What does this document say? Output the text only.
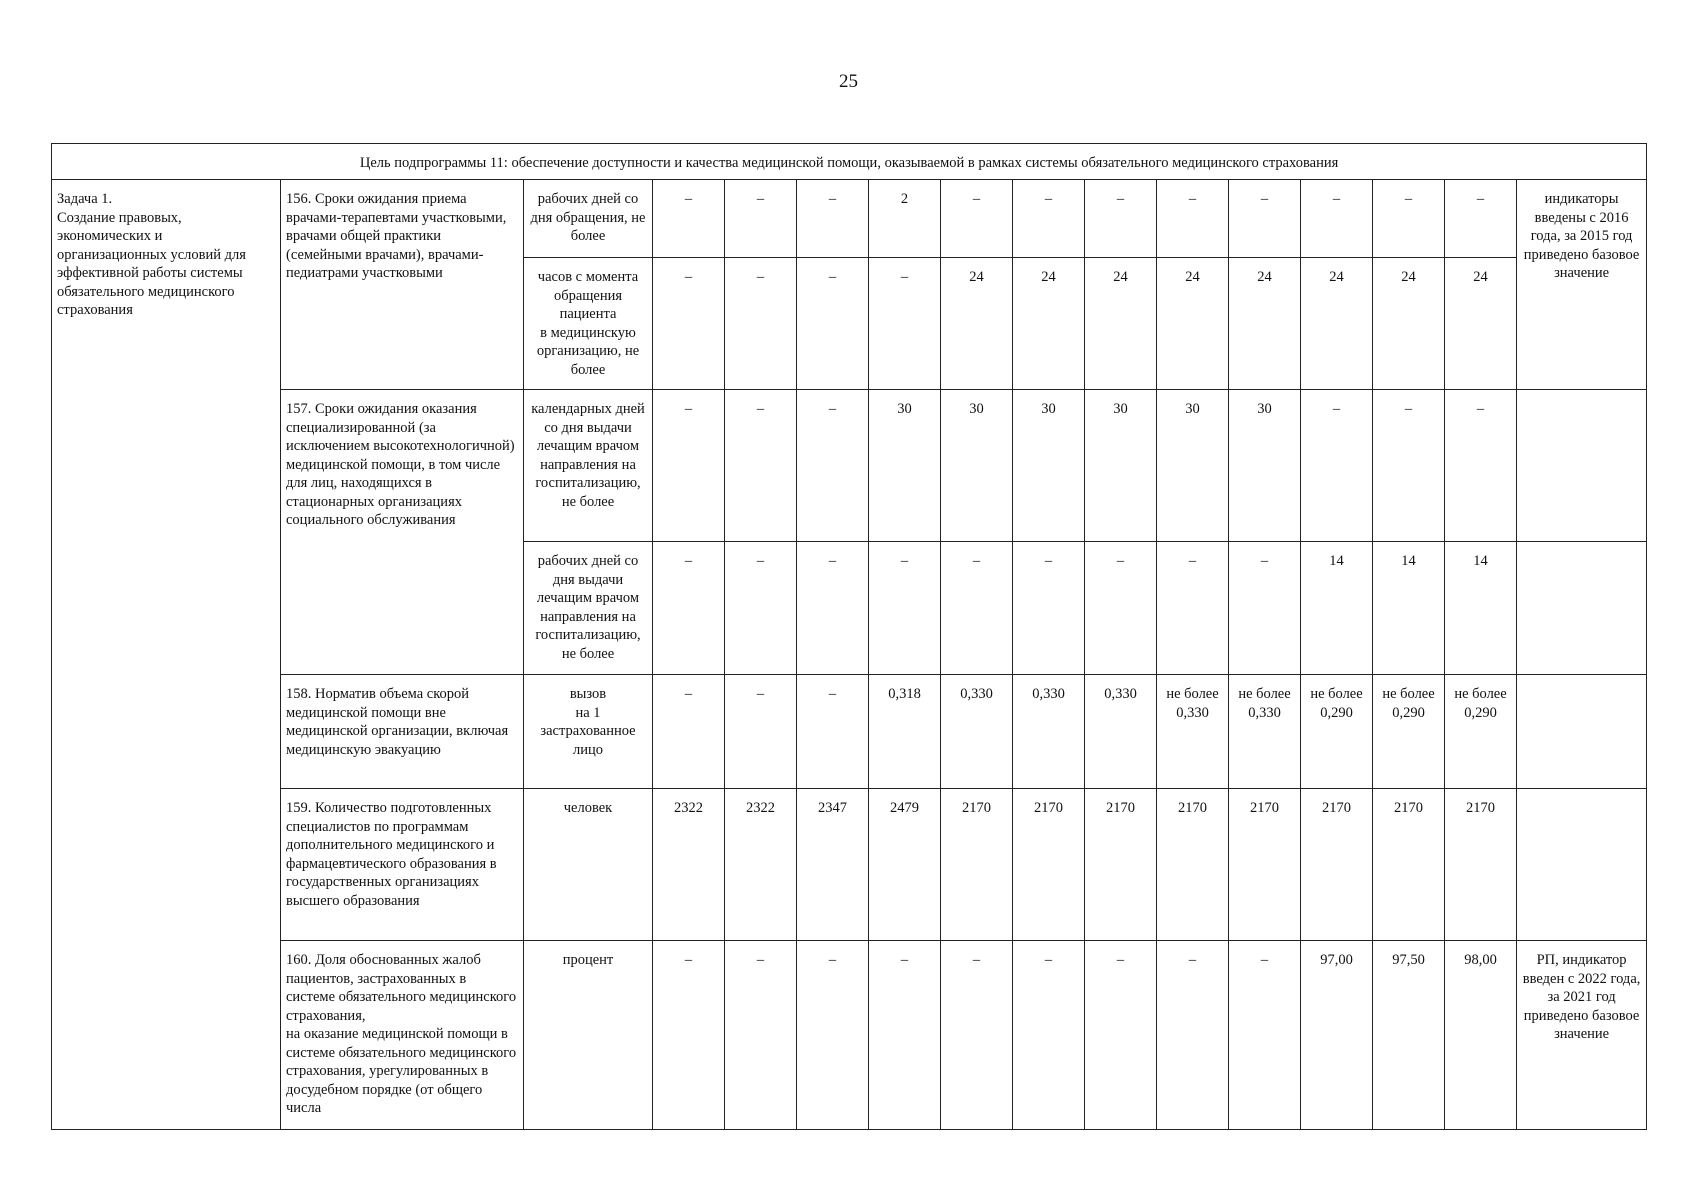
25
Цель подпрограммы 11: обеспечение доступности и качества медицинской помощи, оказываемой в рамках системы обязательного медицинского страхования															

Задача 1.
Создание правовых, экономических и организационных условий для эффективной работы системы обязательного медицинского страхования	156. Сроки ожидания приема врачами-терапевтами участковыми, врачами общей практики (семейными врачами), врачами-педиатрами участковыми	рабочих дней со дня обращения, не более	–	–	–	2	–	–	–	–	–	–	–	–	индикаторы введены с 2016 года, за 2015 год приведено базовое значение

		часов с момента обращения пациента
в медицинскую организацию, не более	–	–	–	–	24	24	24	24	24	24	24	24	
	157. Сроки ожидания оказания специализированной (за исключением высокотехнологичной) медицинской помощи, в том числе для лиц, находящихся в стационарных организациях социального обслуживания	календарных дней со дня выдачи лечащим врачом направления на госпитализацию, не более	–	–	–	30	30	30	30	30	30	–	–	–	
		рабочих дней со дня выдачи лечащим врачом направления на госпитализацию, не более	–	–	–	–	–	–	–	–	–	14	14	14	
	158. Норматив объема скорой медицинской помощи вне медицинской организации, включая медицинскую эвакуацию	вызов
на 1 застрахованное лицо	–	–	–	0,318	0,330	0,330	0,330	не более 0,330	не более 0,330	не более 0,290	не более 0,290	не более 0,290	
	159. Количество подготовленных специалистов по программам дополнительного медицинского и фармацевтического образования в государственных организациях высшего образования	человек	2322	2322	2347	2479	2170	2170	2170	2170	2170	2170	2170	2170	

	160. Доля обоснованных жалоб пациентов, застрахованных в системе обязательного медицинского страхования,
на оказание медицинской помощи в системе обязательного медицинского страхования, урегулированных в досудебном порядке (от общего числа	процент	–	–	–	–	–	–	–	–	–	97,00	97,50	98,00	РП, индикатор введен с 2022 года, за 2021 год приведено базовое значение
